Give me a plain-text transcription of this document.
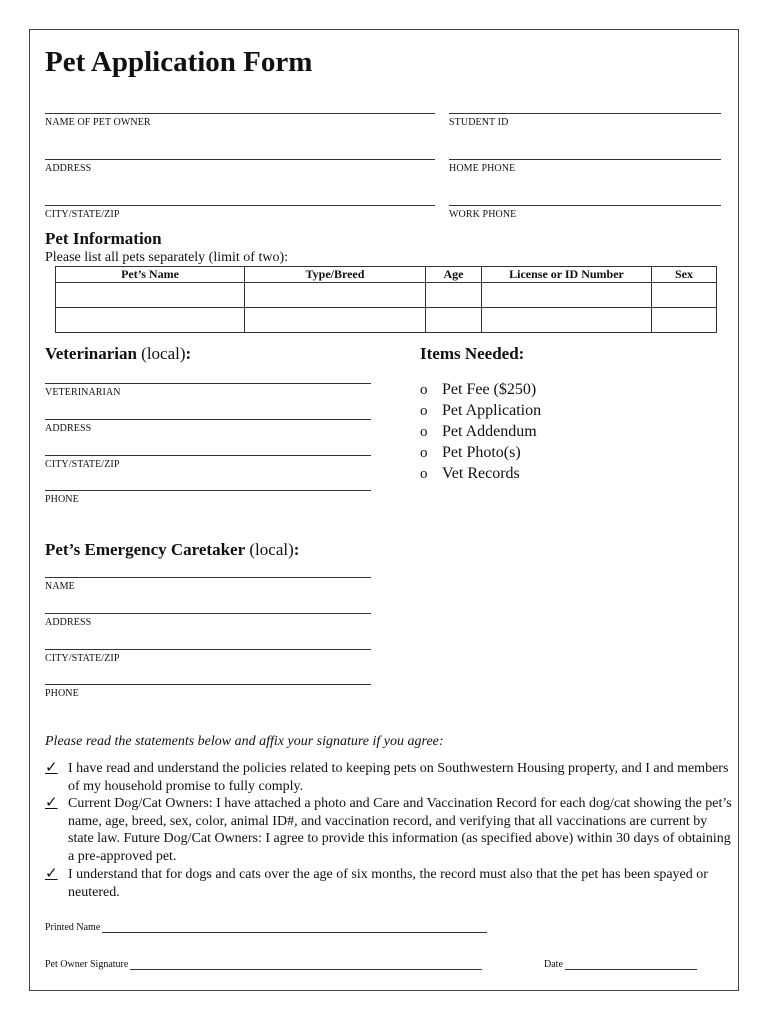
Pet Application Form
NAME OF PET OWNER	STUDENT ID
ADDRESS	HOME PHONE
CITY/STATE/ZIP	WORK PHONE
Pet Information
Please list all pets separately (limit of two):
Pet’s Name	Type/Breed	Age	License or ID Number	Sex

Veterinarian (local):
VETERINARIAN
ADDRESS
CITY/STATE/ZIP
PHONE
Items Needed:
o Pet Fee ($250)
o Pet Application
o Pet Addendum
o Pet Photo(s)
o Vet Records
Pet’s Emergency Caretaker (local):
NAME
ADDRESS
CITY/STATE/ZIP
PHONE
Please read the statements below and affix your signature if you agree:
✓ I have read and understand the policies related to keeping pets on Southwestern Housing property, and I and members of my household promise to fully comply.
✓ Current Dog/Cat Owners: I have attached a photo and Care and Vaccination Record for each dog/cat showing the pet’s name, age, breed, sex, color, animal ID#, and vaccination record, and verifying that all vaccinations are current by state law. Future Dog/Cat Owners: I agree to provide this information (as specified above) within 30 days of obtaining a pre-approved pet.
✓ I understand that for dogs and cats over the age of six months, the record must also that the pet has been spayed or neutered.
Printed Name
Pet Owner Signature	Date
